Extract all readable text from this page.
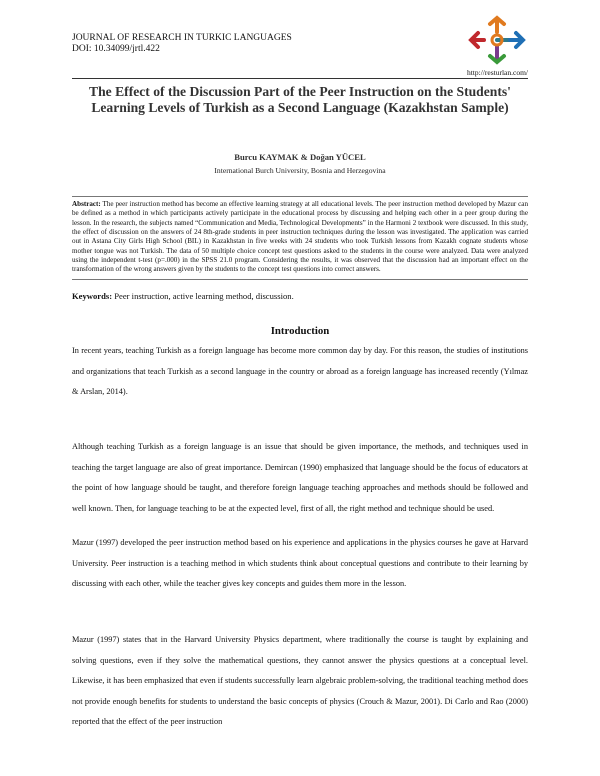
JOURNAL OF RESEARCH IN TURKIC LANGUAGES
DOI: 10.34099/jrtl.422
http://resturlan.com/
The Effect of the Discussion Part of the Peer Instruction on the Students'
Learning Levels of Turkish as a Second Language (Kazakhstan Sample)
Burcu KAYMAK & Doğan YÜCEL
International Burch University, Bosnia and Herzegovina
Abstract: The peer instruction method has become an effective learning strategy at all educational levels. The peer instruction method developed by Mazur can be defined as a method in which participants actively participate in the educational process by discussing and helping each other in a peer group during the lesson. In the research, the subjects named “Communication and Media, Technological Developments” in the Harmoni 2 textbook were discussed. In this study, the effect of discussion on the answers of 24 8th-grade students in peer instruction techniques during the lesson was investigated. The application was carried out in Astana City Girls High School (BIL) in Kazakhstan in five weeks with 24 students who took Turkish lessons from Kazakh cognate students whose mother tongue was not Turkish. The data of 50 multiple choice concept test questions asked to the students in the course were analyzed. Data were analyzed using the independent t-test (p=.000) in the SPSS 21.0 program. Considering the results, it was observed that the discussion had an important effect on the transformation of the wrong answers given by the students to the concept test questions into correct answers.
Keywords: Peer instruction, active learning method, discussion.
Introduction
In recent years, teaching Turkish as a foreign language has become more common day by day. For this reason, the studies of institutions and organizations that teach Turkish as a second language in the country or abroad as a foreign language has increased recently (Yılmaz & Arslan, 2014).
Although teaching Turkish as a foreign language is an issue that should be given importance, the methods, and techniques used in teaching the target language are also of great importance. Demircan (1990) emphasized that language should be the focus of educators at the point of how language should be taught, and therefore foreign language teaching approaches and methods should be followed and well known. Then, for language teaching to be at the expected level, first of all, the right method and technique should be used.
Mazur (1997) developed the peer instruction method based on his experience and applications in the physics courses he gave at Harvard University. Peer instruction is a teaching method in which students think about conceptual questions and contribute to their learning by discussing with each other, while the teacher gives key concepts and guides them more in the lesson.
Mazur (1997) states that in the Harvard University Physics department, where traditionally the course is taught by explaining and solving questions, even if they solve the mathematical questions, they cannot answer the physics questions at a conceptual level. Likewise, it has been emphasized that even if students successfully learn algebraic problem-solving, the traditional teaching method does not provide enough benefits for students to understand the basic concepts of physics (Crouch & Mazur, 2001). Di Carlo and Rao (2000) reported that the effect of the peer instruction
